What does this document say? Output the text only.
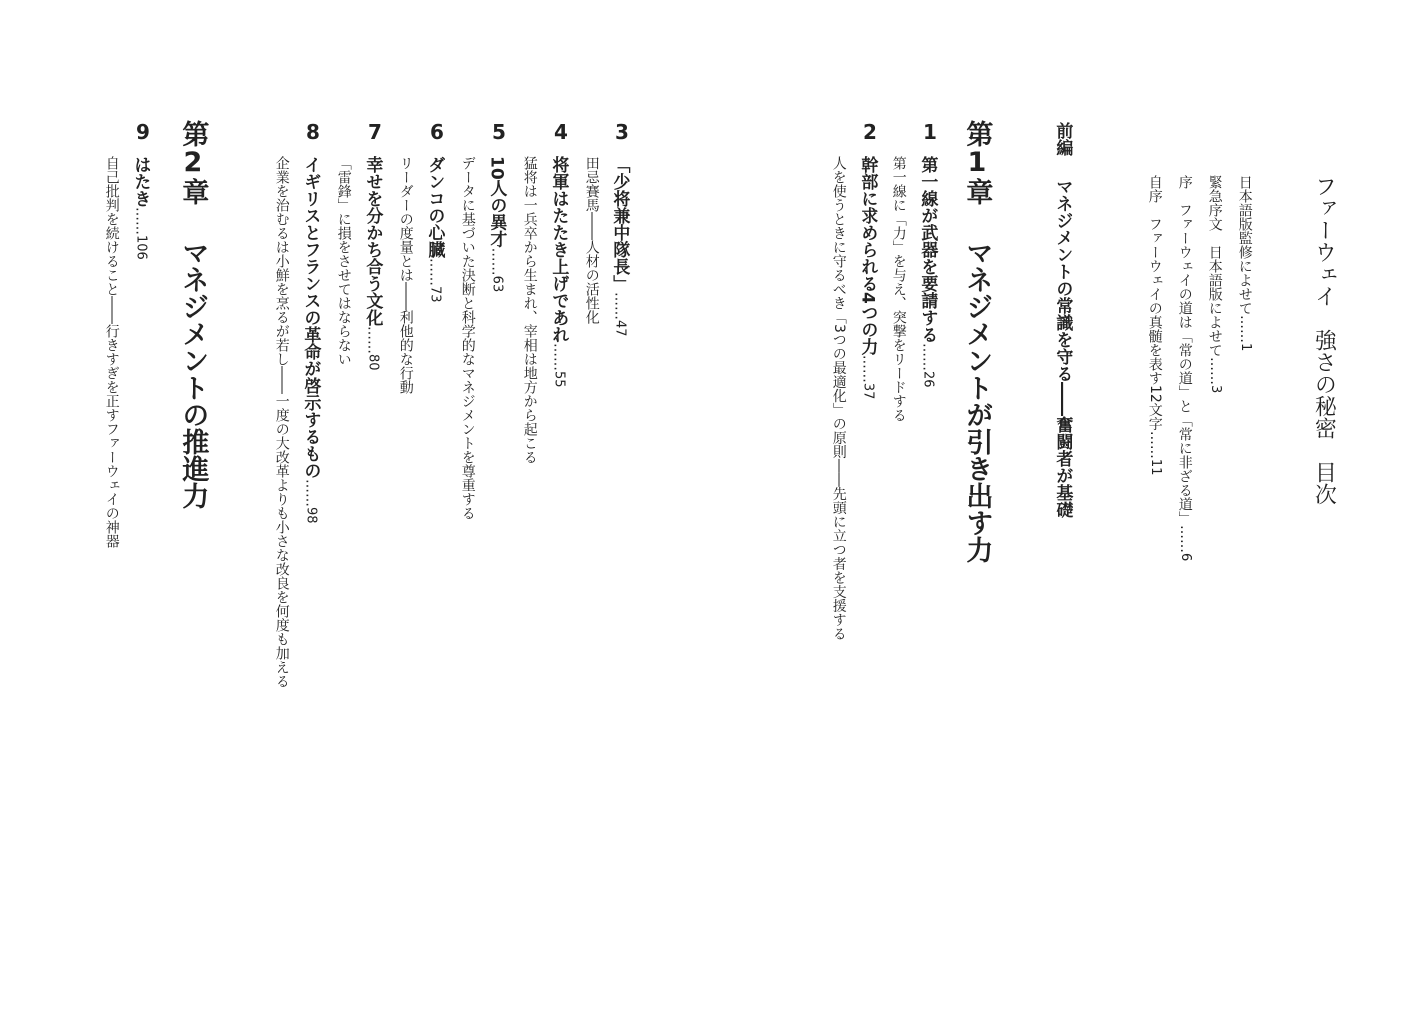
ファーウェイ　強さの秘密　目次
日本語版監修によせて……1
緊急序文　日本語版によせて……3
序　ファーウェイの道は「常の道」と「常に非ざる道」……6
自序　ファーウェイの真髄を表す12文字……11
前編マネジメントの常識を守る――奮闘者が基礎
第1章マネジメントが引き出す力
1
第一線が武器を要請する……26
第一線に「力」を与え、突撃をリードする
2
幹部に求められる4つの力……37
人を使うときに守るべき「3つの最適化」の原則――先頭に立つ者を支援する
3
「少将兼中隊長」……47
田忌賽馬――人材の活性化
4
将軍はたたき上げであれ……55
猛将は一兵卒から生まれ、宰相は地方から起こる
5
10人の異才……63
データに基づいた決断と科学的なマネジメントを尊重する
6
ダンコの心臓……73
リーダーの度量とは――利他的な行動
7
幸せを分かち合う文化……80
「雷鋒」に損をさせてはならない
8
イギリスとフランスの革命が啓示するもの……98
企業を治むるは小鮮を烹るが若し――一度の大改革よりも小さな改良を何度も加える
第2章マネジメントの推進力
9
はたき……106
自己批判を続けること――行きすぎを正すファーウェイの神器
